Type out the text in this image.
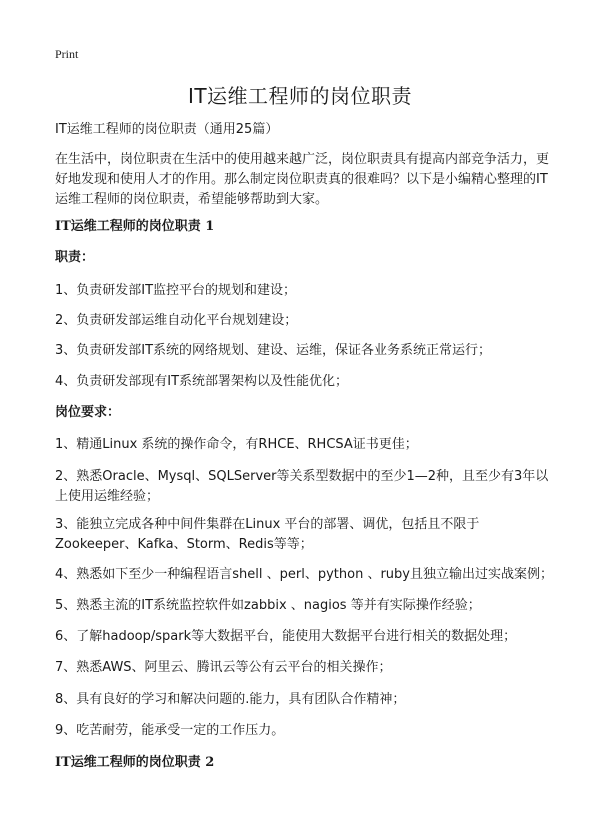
Print
IT运维工程师的岗位职责
IT运维工程师的岗位职责（通用25篇）

在生活中，岗位职责在生活中的使用越来越广泛，岗位职责具有提高内部竞争活力，更好地发现和使用人才的作用。那么制定岗位职责真的很难吗？以下是小编精心整理的IT运维工程师的岗位职责，希望能够帮助到大家。

IT运维工程师的岗位职责 1
职责：
1、负责研发部IT监控平台的规划和建设；
2、负责研发部运维自动化平台规划建设；
3、负责研发部IT系统的网络规划、建设、运维，保证各业务系统正常运行；
4、负责研发部现有IT系统部署架构以及性能优化；
岗位要求：
1、精通Linux 系统的操作命令，有RHCE、RHCSA证书更佳；
2、熟悉Oracle、Mysql、SQLServer等关系型数据中的至少1—2种，且至少有3年以上使用运维经验；
3、能独立完成各种中间件集群在Linux 平台的部署、调优，包括且不限于Zookeeper、Kafka、Storm、Redis等等；
4、熟悉如下至少一种编程语言shell 、perl、python 、ruby且独立输出过实战案例；
5、熟悉主流的IT系统监控软件如zabbix 、nagios 等并有实际操作经验；
6、了解hadoop/spark等大数据平台，能使用大数据平台进行相关的数据处理；
7、熟悉AWS、阿里云、腾讯云等公有云平台的相关操作；
8、具有良好的学习和解决问题的.能力，具有团队合作精神；
9、吃苦耐劳，能承受一定的工作压力。
IT运维工程师的岗位职责 2
